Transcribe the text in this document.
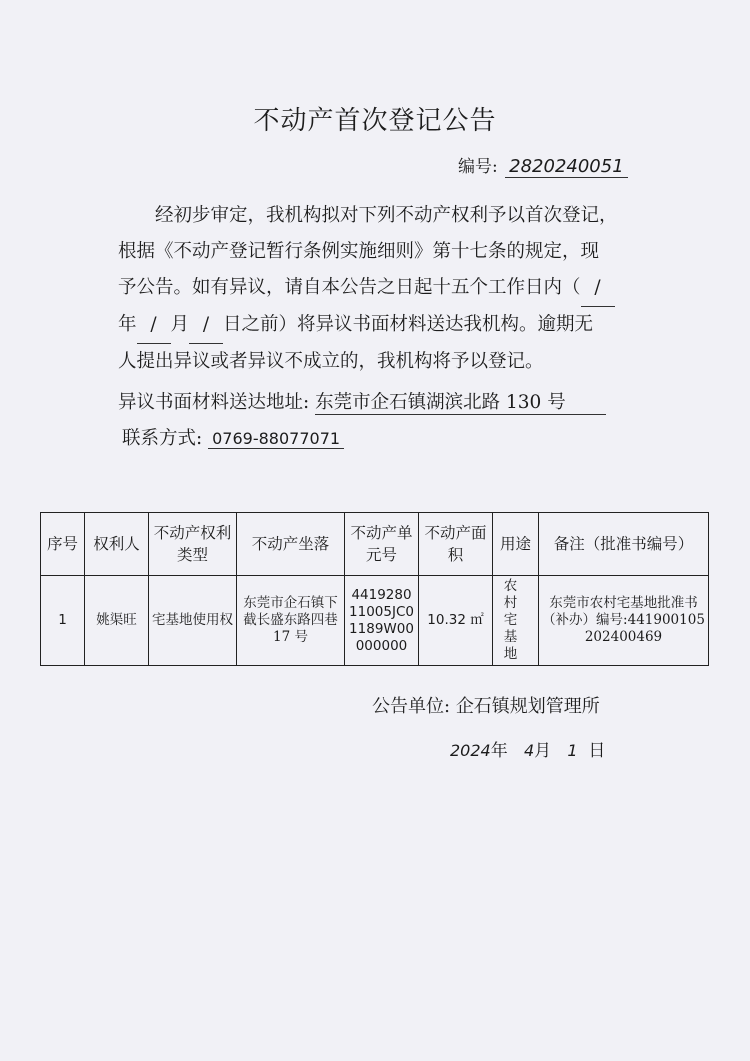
不动产首次登记公告
编号: 2820240051

　　经初步审定，我机构拟对下列不动产权利予以首次登记，

根据《不动产登记暂行条例实施细则》第十七条的规定，现

予公告。如有异议，请自本公告之日起十五个工作日内（ /

年 / 月 / 日之前）将异议书面材料送达我机构。逾期无

人提出异议或者异议不成立的，我机构将予以登记。

异议书面材料送达地址: 东莞市企石镇湖滨北路 130 号
联系方式: 0769-88077071
序号	权利人	不动产权利类型	不动产坐落	不动产单元号	不动产面积	用途	备注（批准书编号）
1	姚渠旺	宅基地使用权	东莞市企石镇下截长盛东路四巷 17 号	441928011005JC01189W00000000	10.32 ㎡	农村宅基地	东莞市农村宅基地批准书（补办）编号:441900105202400469
公告单位: 企石镇规划管理所
2024年 4月 1 日
